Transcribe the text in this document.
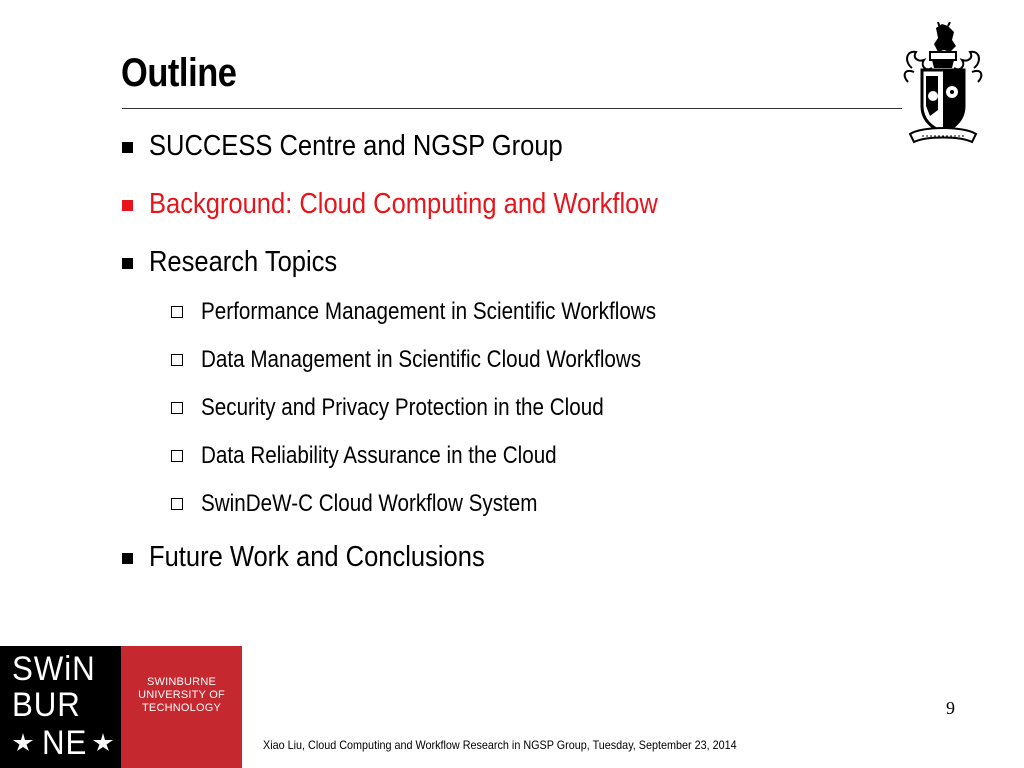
Outline
SUCCESS Centre and NGSP Group
Background: Cloud Computing and Workflow
Research Topics
Performance Management in Scientific Workflows
Data Management in Scientific Cloud Workflows
Security and Privacy Protection in the Cloud
Data Reliability Assurance in the Cloud
SwinDeW-C Cloud Workflow System
Future Work and Conclusions
SWiN
BUR
NE
SWINBURNE
UNIVERSITY OF
TECHNOLOGY	9
Xiao Liu, Cloud Computing and Workflow Research in NGSP Group, Tuesday, September 23, 2014
